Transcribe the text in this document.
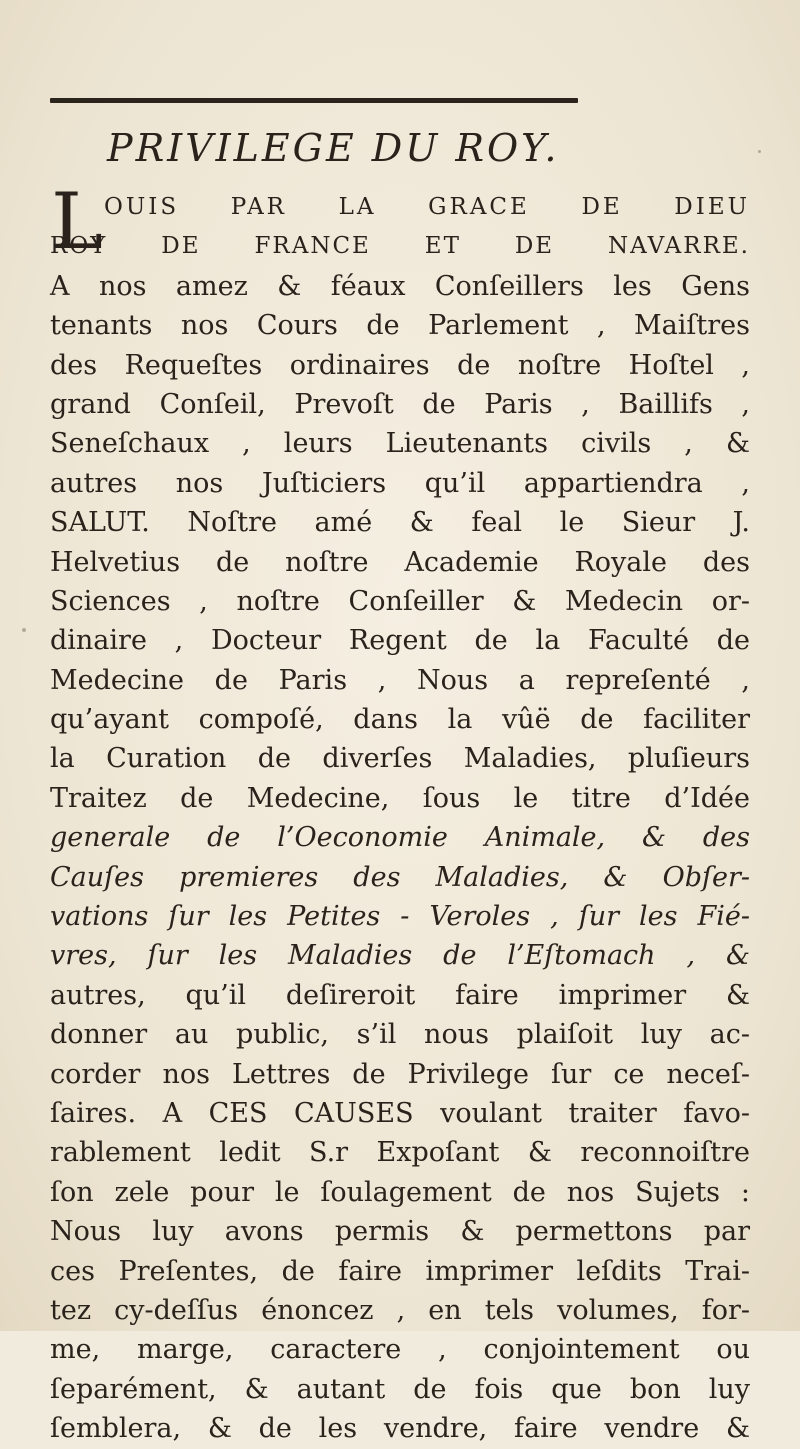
PRIVILEGE DU ROY.
L OUIS PAR LA GRACE DE DIEU
ROY DE FRANCE ET DE NAVARRE.
A nos amez & féaux Conſeillers les Gens
tenants nos Cours de Parlement , Maiſtres
des Requeſtes ordinaires de noſtre Hoſtel ,
grand Conſeil, Prevoſt de Paris , Baillifs ,
Seneſchaux , leurs Lieutenants civils , &
autres nos Juſticiers qu’il appartiendra ,
SALUT. Noſtre amé & feal le Sieur J.
Helvetius de noſtre Academie Royale des
Sciences , noſtre Conſeiller & Medecin or-
dinaire , Docteur Regent de la Faculté de
Medecine de Paris , Nous a repreſenté ,
qu’ayant compoſé, dans la vûë de faciliter
la Curation de diverſes Maladies, pluſieurs
Traitez de Medecine, ſous le titre d’Idée
generale de l’Oeconomie Animale, & des
Cauſes premieres des Maladies, & Obſer-
vations ſur les Petites - Veroles , ſur les Fié-
vres, ſur les Maladies de l’Eſtomach , &
autres, qu’il deſireroit faire imprimer &
donner au public, s’il nous plaiſoit luy ac-
corder nos Lettres de Privilege ſur ce neceſ-
ſaires. A CES CAUSES voulant traiter favo-
rablement ledit S.r Expoſant & reconnoiſtre
ſon zele pour le ſoulagement de nos Sujets :
Nous luy avons permis & permettons par
ces Preſentes, de faire imprimer leſdits Trai-
tez cy-deſſus énoncez , en tels volumes, for-
me, marge, caractere , conjointement ou
ſeparément, & autant de fois que bon luy
ſemblera, & de les vendre, faire vendre &
